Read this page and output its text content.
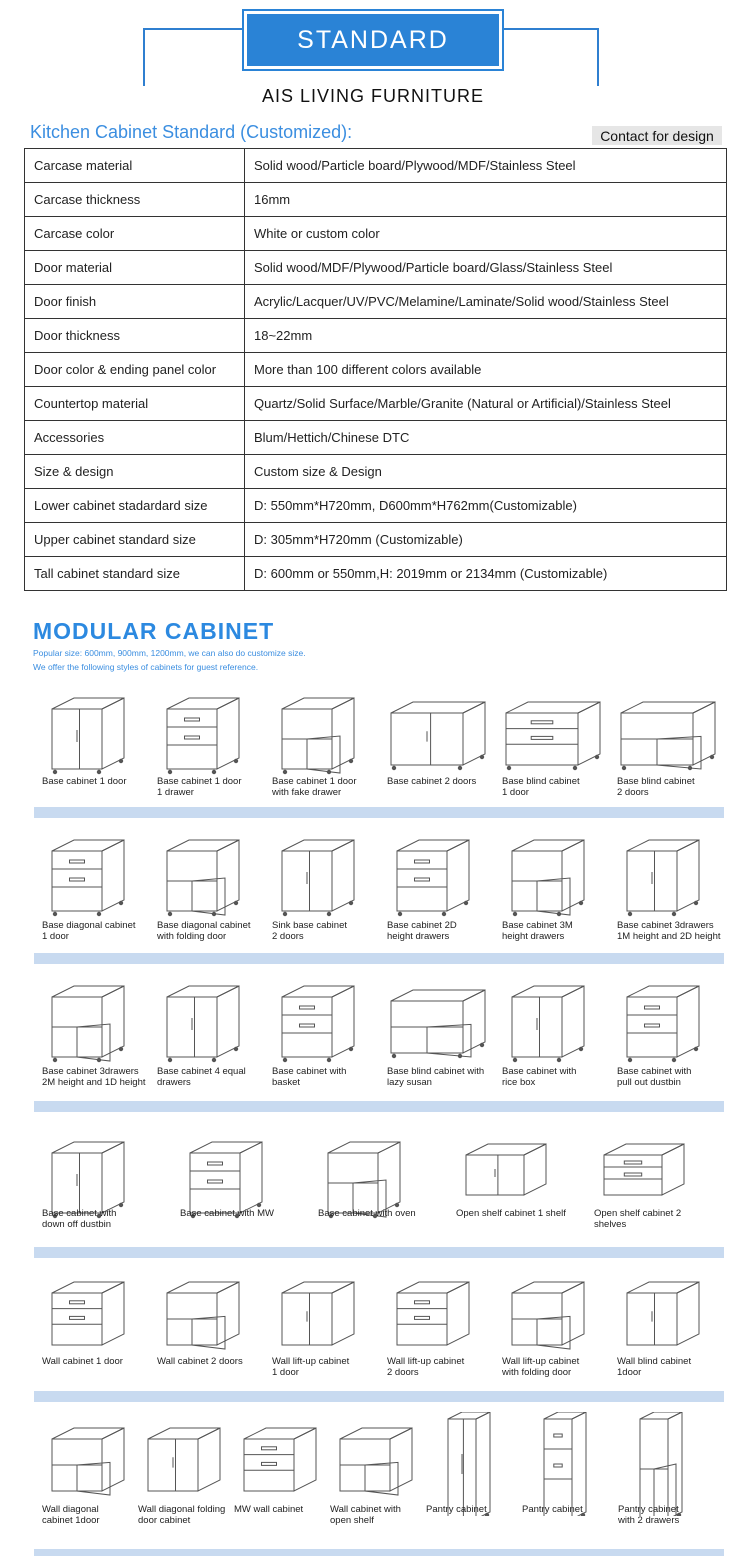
STANDARD
AIS LIVING FURNITURE
Kitchen Cabinet Standard (Customized):	Contact for design
Carcase material	Solid wood/Particle board/Plywood/MDF/Stainless Steel
Carcase thickness	16mm
Carcase color	White or custom color
Door material	Solid wood/MDF/Plywood/Particle board/Glass/Stainless Steel
Door finish	Acrylic/Lacquer/UV/PVC/Melamine/Laminate/Solid wood/Stainless Steel
Door thickness	18~22mm
Door color & ending panel color	More than 100 different colors available
Countertop material	Quartz/Solid Surface/Marble/Granite (Natural or Artificial)/Stainless Steel
Accessories	Blum/Hettich/Chinese DTC
Size & design	Custom size & Design
Lower cabinet stadardard size	D: 550mm*H720mm, D600mm*H762mm(Customizable)
Upper cabinet standard size	D: 305mm*H720mm (Customizable)
Tall cabinet standard size	D: 600mm or 550mm,H: 2019mm or 2134mm (Customizable)
MODULAR CABINET
Popular size: 600mm, 900mm, 1200mm, we can also do customize size.
We offer the following styles of cabinets for guest reference.
Base cabinet 1 door	Base cabinet 1 door
1 drawer
Base cabinet 1 door
with fake drawer
Base cabinet 2 doors	Base blind cabinet
1 door
Base blind cabinet
2 doors
Base diagonal cabinet
1 door
Base diagonal cabinet
with folding door
Sink base cabinet
2 doors
Base cabinet 2D
height drawers
Base cabinet 3M
height drawers
Base cabinet 3drawers
1M height and 2D height
Base cabinet 3drawers
2M height and 1D height
Base cabinet 4 equal
drawers
Base cabinet with
basket
Base blind cabinet with
lazy susan
Base cabinet with
rice box
Base cabinet with
pull out dustbin
Base cabinet with
down off dustbin
Base cabinet with MW	Base cabinet with oven	Open shelf cabinet 1 shelf	Open shelf cabinet 2 shelves
Wall cabinet 1 door	Wall cabinet 2 doors	Wall lift-up cabinet
1 door
Wall lift-up cabinet
2 doors
Wall lift-up cabinet
with folding door
Wall blind cabinet
1door
Wall diagonal
cabinet 1door
Wall diagonal folding
door cabinet
MW wall cabinet	Wall cabinet with
open shelf
Pantry cabinet	Pantry cabinet	Pantry cabinet
with 2 drawers
